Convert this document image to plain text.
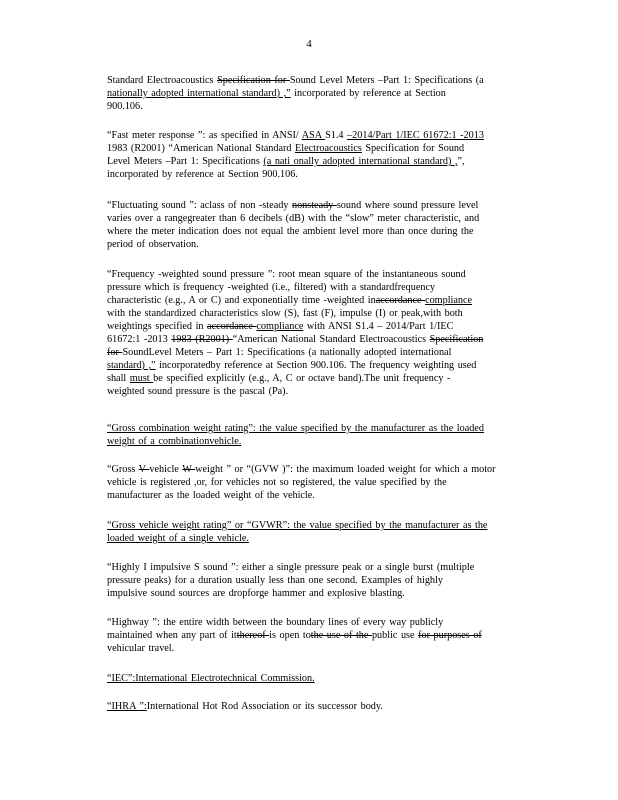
4
Standard Electroacoustics Specification for Sound Level Meters –Part 1: Specifications (a
nationally adopted international standard) ,” incorporated by reference at Section
900.106.
“Fast meter response ”: as specified in ANSI/ ASA S1.4 –2014/Part 1/IEC 61672:1 -2013
1983 (R2001) “American National Standard Electroacoustics Specification for Sound
Level Meters –Part 1: Specifications (a nati onally adopted international standard) ,”,
incorporated by reference at Section 900.106.
“Fluctuating sound ”: aclass of non -steady nonsteady sound where sound pressure level
varies over a rangegreater than 6 decibels (dB) with the “slow” meter characteristic, and
where the meter indication does not equal the ambient level more than once during the
period of observation.
“Frequency -weighted sound pressure ”: root mean square of the instantaneous sound
pressure which is frequency -weighted (i.e., filtered) with a standardfrequency
characteristic (e.g., A or C) and exponentially time -weighted inaccordance compliance
with the standardized characteristics slow (S), fast (F), impulse (I) or peak,with both
weightings specified in accordance compliance with ANSI S1.4 – 2014/Part 1/IEC
61672:1 -2013 1983 (R2001) “American National Standard Electroacoustics Specification
for SoundLevel Meters – Part 1: Specifications (a nationally adopted international
standard) ,” incorporatedby reference at Section 900.106. The frequency weighting used
shall must be specified explicitly (e.g., A, C or octave band).The unit frequency -
weighted sound pressure is the pascal (Pa).
“Gross combination weight rating”: the value specified by the manufacturer as the loaded
weight of a combinationvehicle.
“Gross V vehicle W weight ” or “(GVW )”: the maximum loaded weight for which a motor
vehicle is registered ,or, for vehicles not so registered, the value specified by the
manufacturer as the loaded weight of the vehicle.
“Gross vehicle weight rating” or “GVWR”: the value specified by the manufacturer as the
loaded weight of a single vehicle.
“Highly I impulsive S sound ”: either a single pressure peak or a single burst (multiple
pressure peaks) for a duration usually less than one second. Examples of highly
impulsive sound sources are dropforge hammer and explosive blasting.
“Highway ”: the entire width between the boundary lines of every way publicly
maintained when any part of itthereof is open tothe use of the public use for purposes of
vehicular travel.
“IEC”:International Electrotechnical Commission.
“IHRA ”:International Hot Rod Association or its successor body.
